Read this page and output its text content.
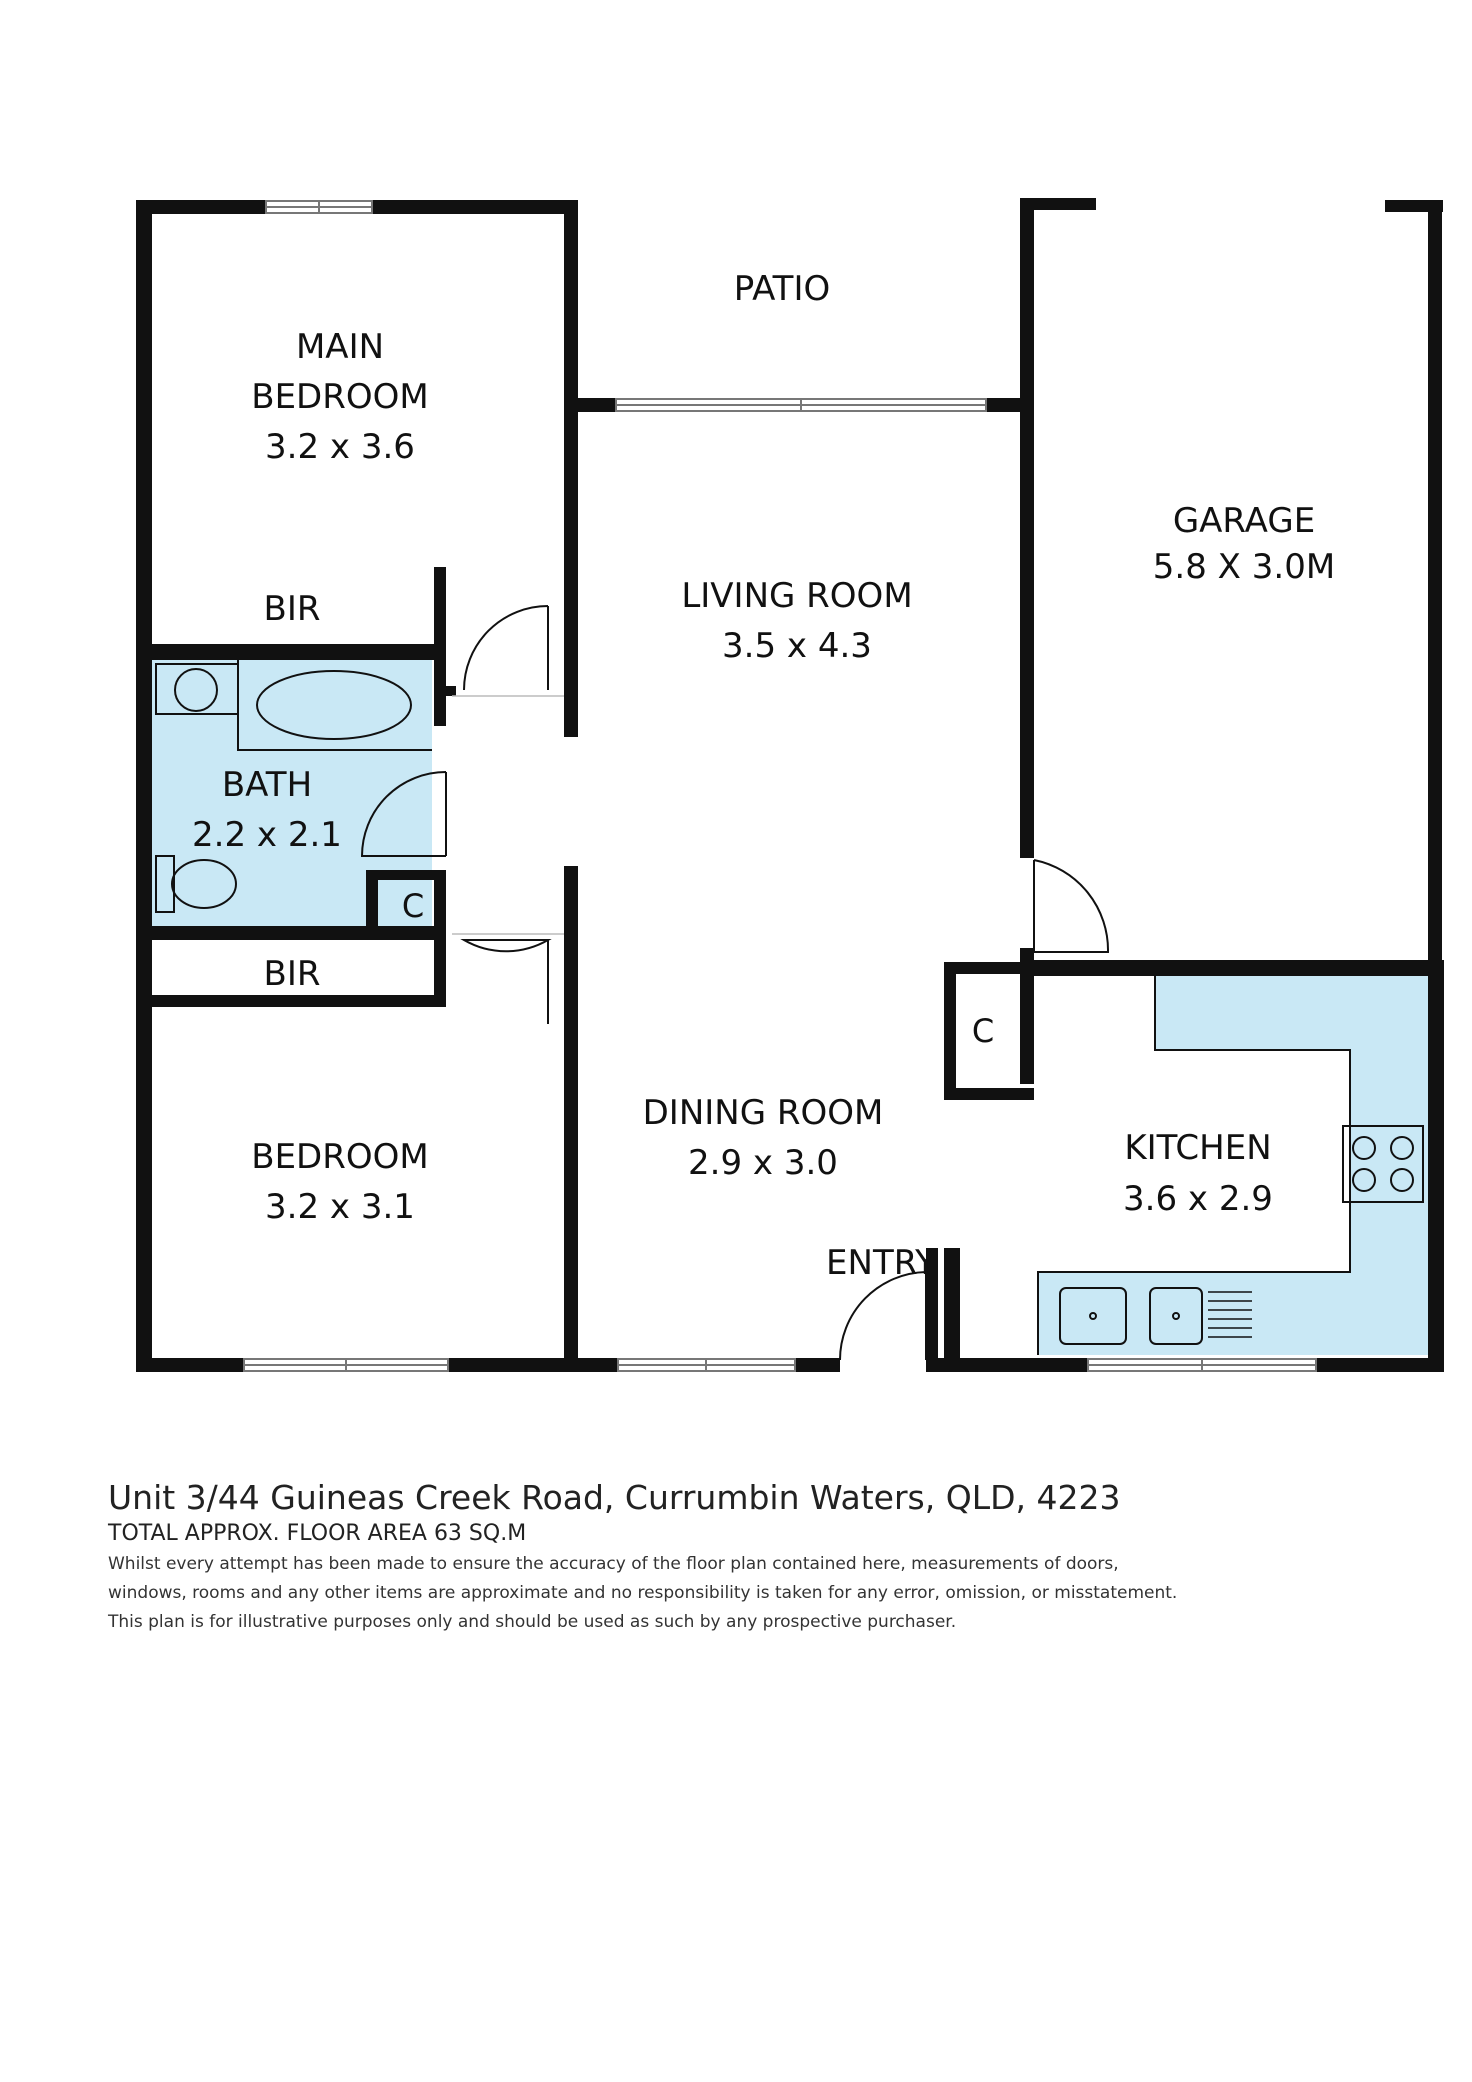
PATIO
MAIN
BEDROOM
3.2 x 3.6
LIVING ROOM
3.5 x 4.3
GARAGE
5.8 X 3.0M
BIR
BATH
2.2 x 2.1
C
BIR
C
BEDROOM
3.2 x 3.1
DINING ROOM
2.9 x 3.0	KITCHEN
3.6 x 2.9
ENTRY
Unit 3/44 Guineas Creek Road, Currumbin Waters, QLD, 4223
TOTAL APPROX. FLOOR AREA 63 SQ.M
Whilst every attempt has been made to ensure the accuracy of the floor plan contained here, measurements of doors,
windows, rooms and any other items are approximate and no responsibility is taken for any error, omission, or misstatement.
This plan is for illustrative purposes only and should be used as such by any prospective purchaser.
